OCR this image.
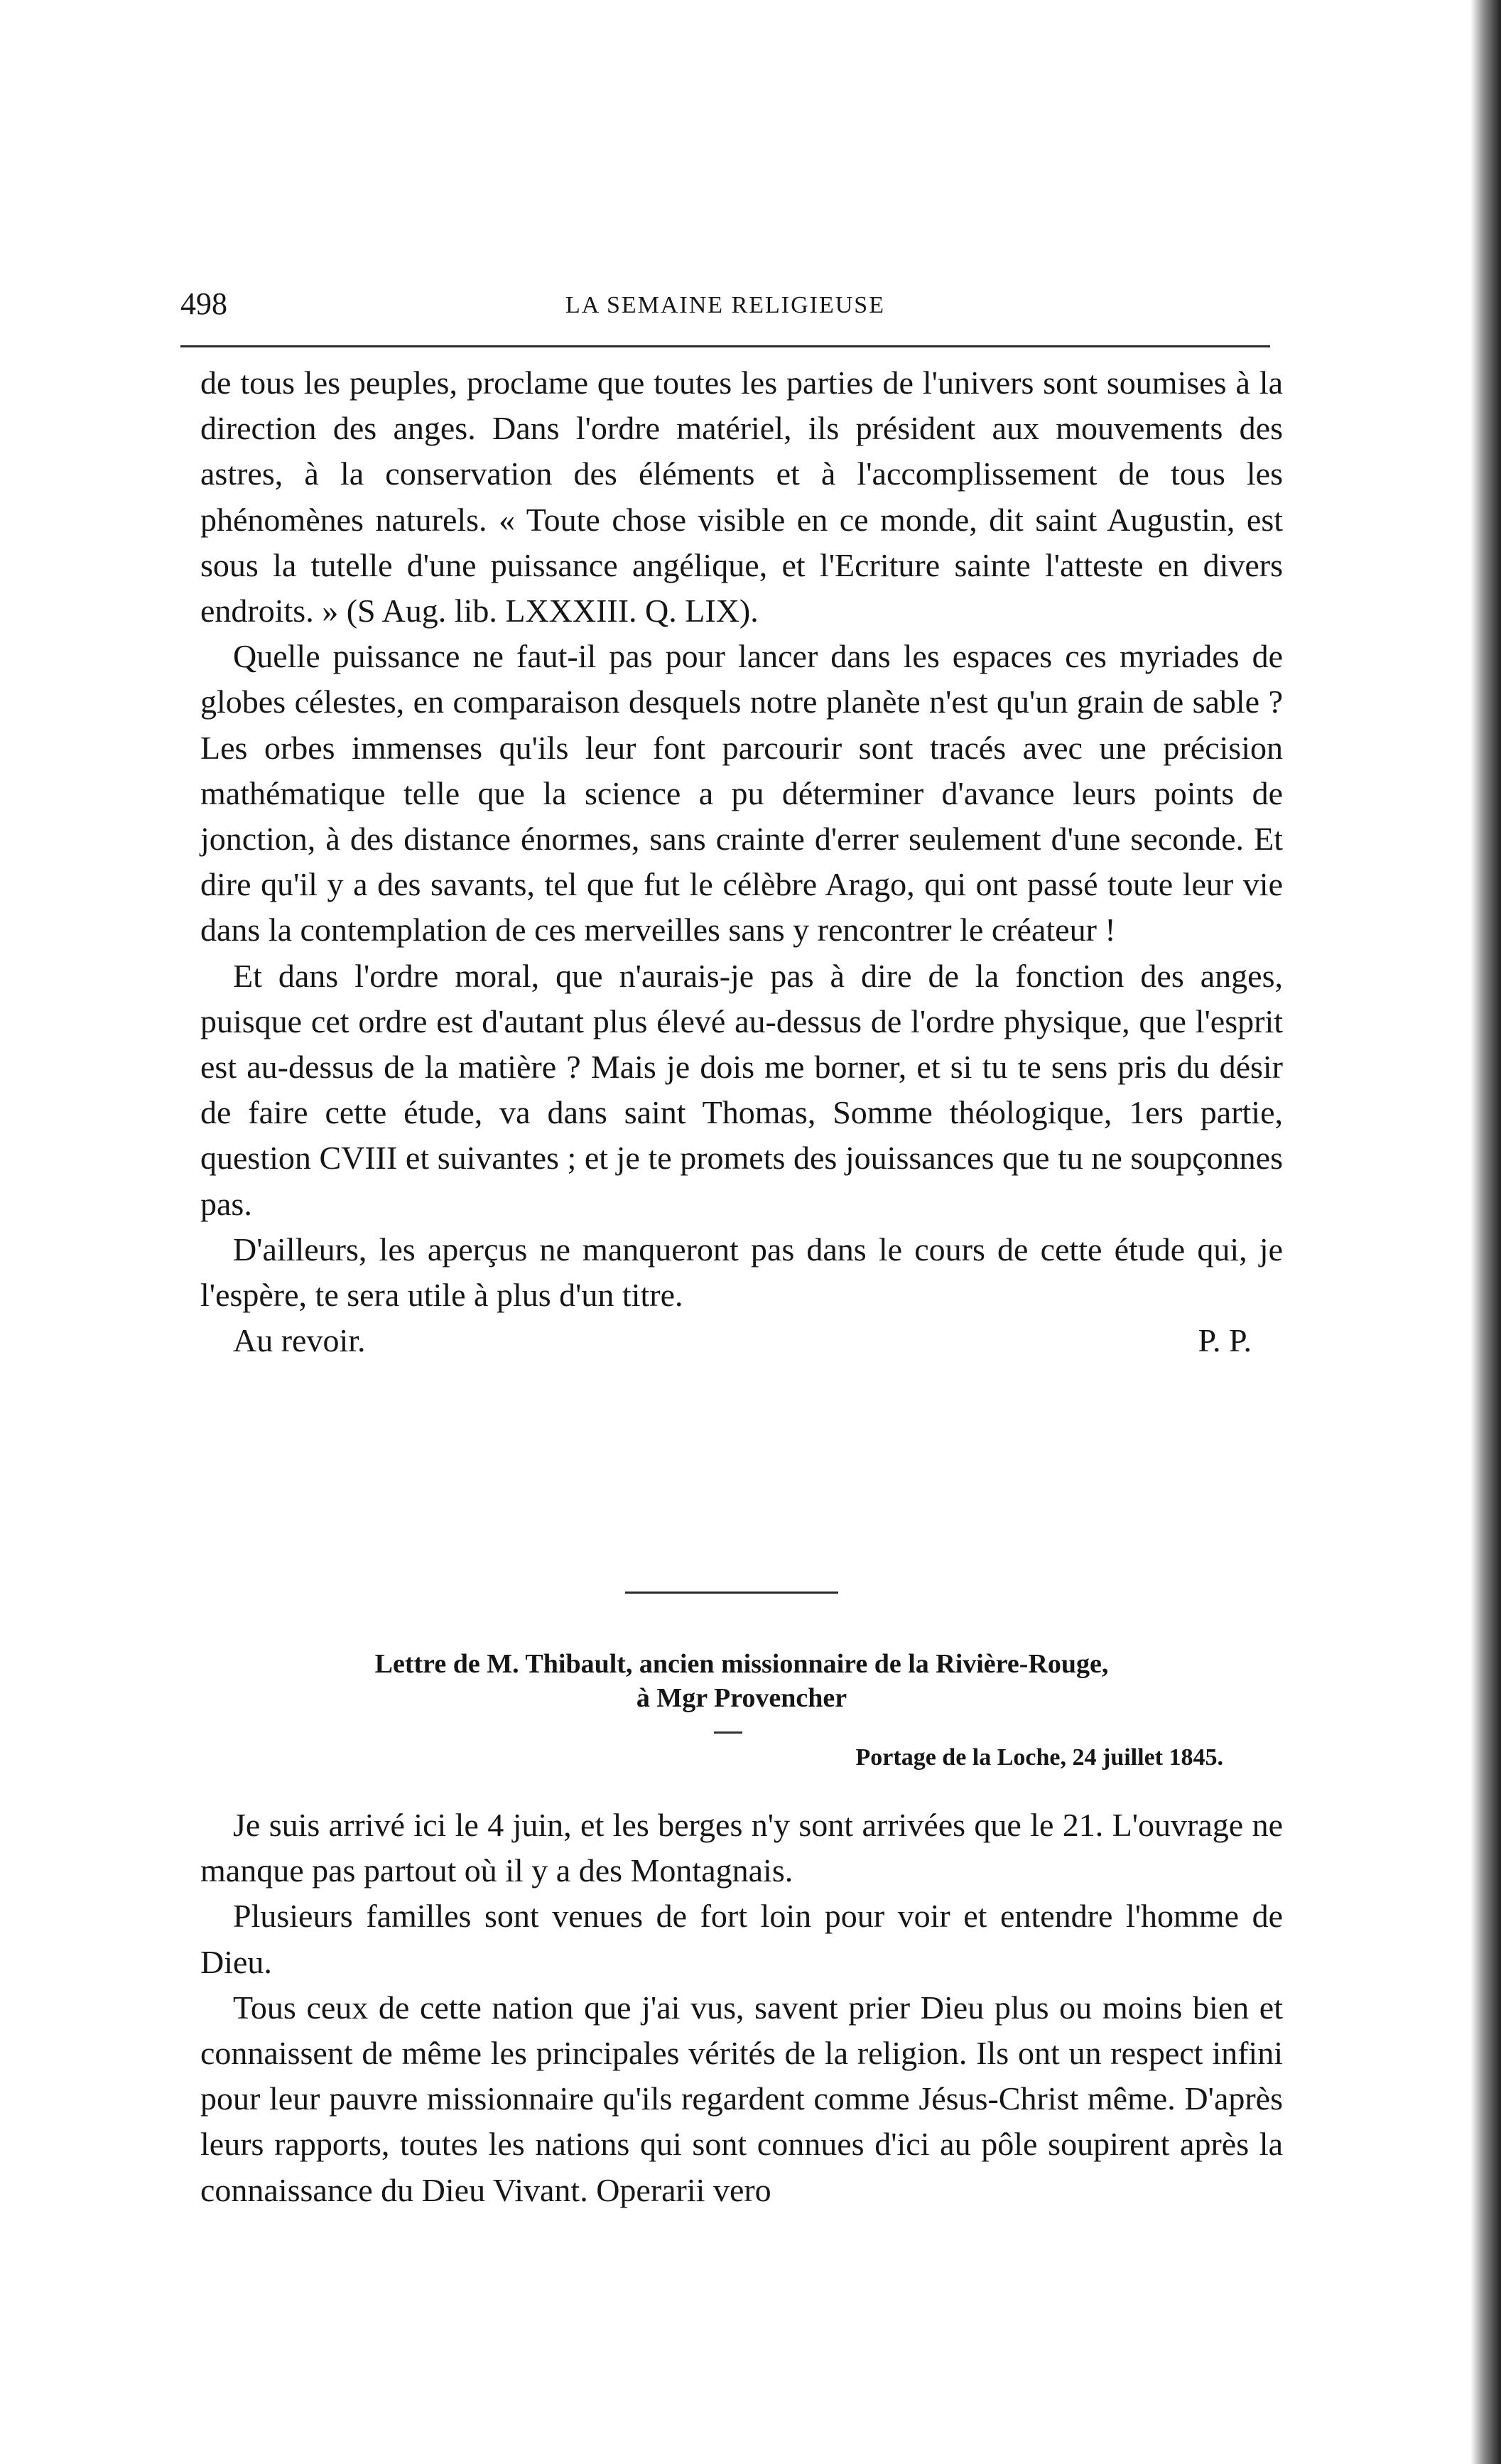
498	LA SEMAINE RELIGIEUSE

de tous les peuples, proclame que toutes les parties de l'univers sont soumises à la direction des anges. Dans l'ordre matériel, ils président aux mouvements des astres, à la conservation des éléments et à l'accomplissement de tous les phénomènes naturels. « Toute chose visible en ce monde, dit saint Augustin, est sous la tutelle d'une puissance angélique, et l'Ecriture sainte l'atteste en divers endroits. » (S Aug. lib. LXXXIII. Q. LIX).

Quelle puissance ne faut-il pas pour lancer dans les espaces ces myriades de globes célestes, en comparaison desquels notre planète n'est qu'un grain de sable ? Les orbes immenses qu'ils leur font parcourir sont tracés avec une précision mathématique telle que la science a pu déterminer d'avance leurs points de jonction, à des distance énormes, sans crainte d'errer seulement d'une seconde. Et dire qu'il y a des savants, tel que fut le célèbre Arago, qui ont passé toute leur vie dans la contemplation de ces merveilles sans y rencontrer le créateur !

Et dans l'ordre moral, que n'aurais-je pas à dire de la fonction des anges, puisque cet ordre est d'autant plus élevé au-dessus de l'ordre physique, que l'esprit est au-dessus de la matière ? Mais je dois me borner, et si tu te sens pris du désir de faire cette étude, va dans saint Thomas, Somme théologique, 1ers partie, question CVIII et suivantes ; et je te promets des jouissances que tu ne soupçonnes pas.

D'ailleurs, les aperçus ne manqueront pas dans le cours de cette étude qui, je l'espère, te sera utile à plus d'un titre.

Au revoir.	P. P.
Lettre de M. Thibault, ancien missionnaire de la Rivière-Rouge,
à Mgr Provencher
Portage de la Loche, 24 juillet 1845.

Je suis arrivé ici le 4 juin, et les berges n'y sont arrivées que le 21. L'ouvrage ne manque pas partout où il y a des Montagnais.

Plusieurs familles sont venues de fort loin pour voir et entendre l'homme de Dieu.

Tous ceux de cette nation que j'ai vus, savent prier Dieu plus ou moins bien et connaissent de même les principales vérités de la religion. Ils ont un respect infini pour leur pauvre missionnaire qu'ils regardent comme Jésus-Christ même. D'après leurs rapports, toutes les nations qui sont connues d'ici au pôle soupirent après la connaissance du Dieu Vivant. Operarii vero
